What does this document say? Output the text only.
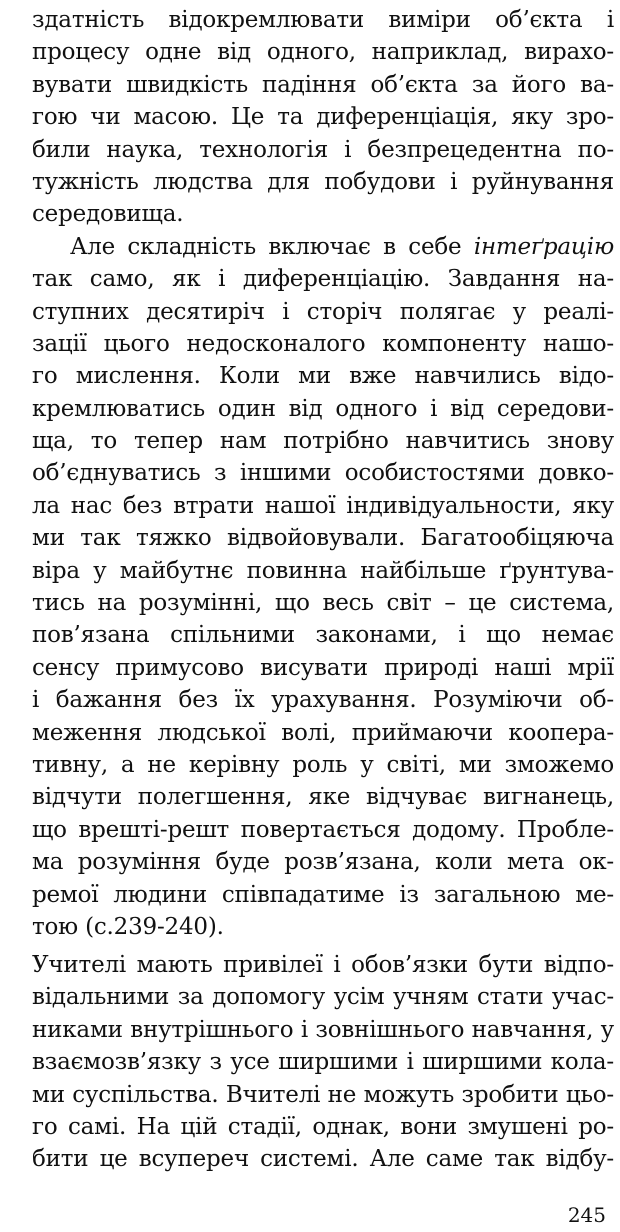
здатність відокремлювати виміри об’єкта і
процесу одне від одного, наприклад, вирахо-
вувати швидкість падіння об’єкта за його ва-
гою чи масою. Це та диференціація, яку зро-
били наука, технологія і безпрецедентна по-
тужність людства для побудови і руйнування
середовища.
Але складність включає в себе інтеґрацію
так само, як і диференціацію. Завдання на-
ступних десятиріч і сторіч полягає у реалі-
зації цього недосконалого компоненту нашо-
го мислення. Коли ми вже навчились відо-
кремлюватись один від одного і від середови-
ща, то тепер нам потрібно навчитись знову
об’єднуватись з іншими особистостями довко-
ла нас без втрати нашої індивідуальности, яку
ми так тяжко відвойовували. Багатообіцяюча
віра у майбутнє повинна найбільше ґрунтува-
тись на розумінні, що весь світ – це система,
пов’язана спільними законами, і що немає
сенсу примусово висувати природі наші мрії
і бажання без їх урахування. Розуміючи об-
меження людської волі, приймаючи коопера-
тивну, а не керівну роль у світі, ми зможемо
відчути полегшення, яке відчуває вигнанець,
що врешті-решт повертається додому. Пробле-
ма розуміння буде розв’язана, коли мета ок-
ремої людини співпадатиме із загальною ме-
тою (с.239-240).
Учителі мають привілеї і обов’язки бути відпо-
відальними за допомогу усім учням стати учас-
никами внутрішнього і зовнішнього навчання, у
взаємозв’язку з усе ширшими і ширшими кола-
ми суспільства. Вчителі не можуть зробити цьо-
го самі. На цій стадії, однак, вони змушені ро-
бити це всупереч системі. Але саме так відбу-
245
